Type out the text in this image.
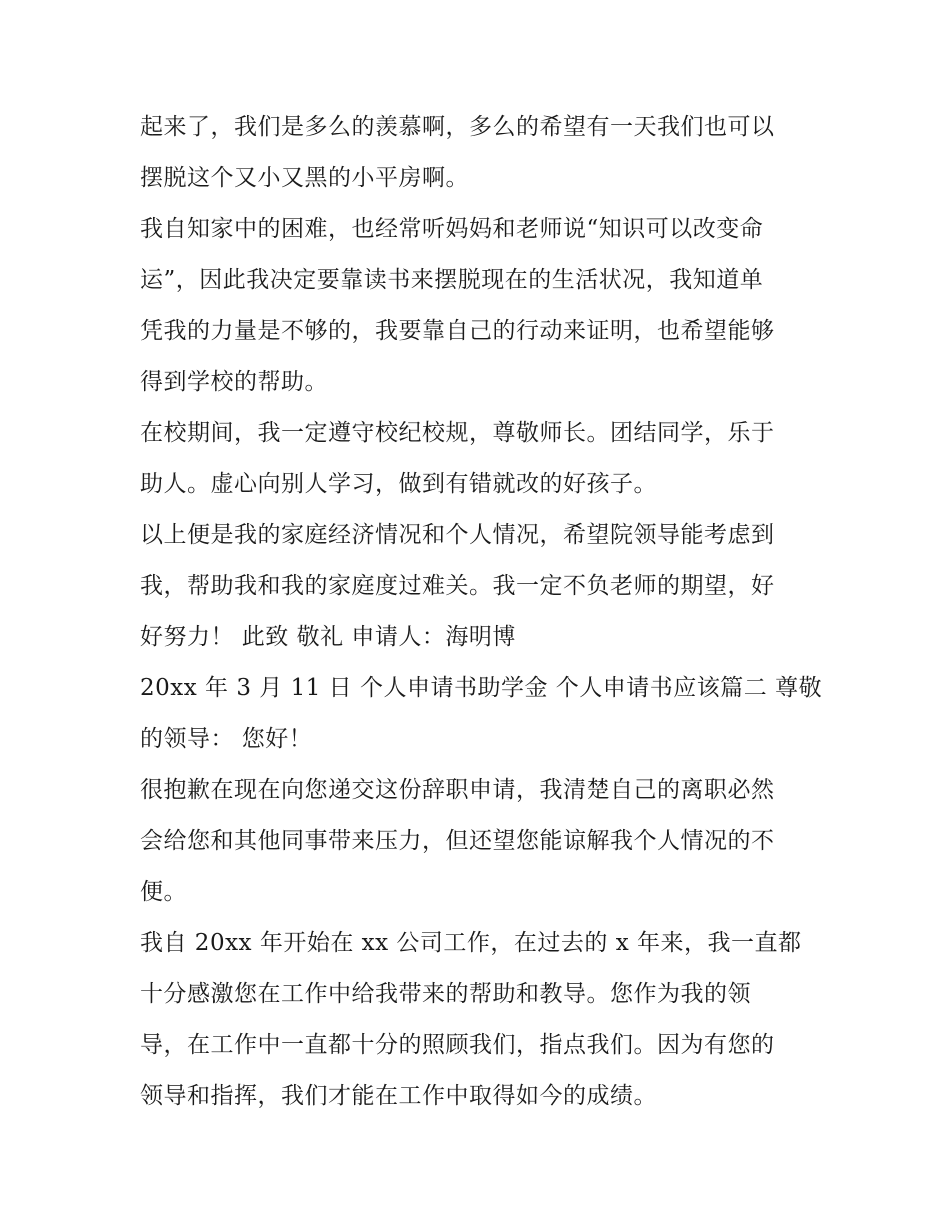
起来了，我们是多么的羡慕啊，多么的希望有一天我们也可以
摆脱这个又小又黑的小平房啊。
我自知家中的困难，也经常听妈妈和老师说“知识可以改变命
运”，因此我决定要靠读书来摆脱现在的生活状况，我知道单
凭我的力量是不够的，我要靠自己的行动来证明，也希望能够
得到学校的帮助。
在校期间，我一定遵守校纪校规，尊敬师长。团结同学，乐于
助人。虚心向别人学习，做到有错就改的好孩子。
以上便是我的家庭经济情况和个人情况，希望院领导能考虑到
我，帮助我和我的家庭度过难关。我一定不负老师的期望，好
好努力！ 此致 敬礼 申请人：海明博
20xx 年 3 月 11 日 个人申请书助学金 个人申请书应该篇二 尊敬
的领导： 您好！
很抱歉在现在向您递交这份辞职申请，我清楚自己的离职必然
会给您和其他同事带来压力，但还望您能谅解我个人情况的不
便。
我自 20xx 年开始在 xx 公司工作，在过去的 x 年来，我一直都
十分感激您在工作中给我带来的帮助和教导。您作为我的领
导，在工作中一直都十分的照顾我们，指点我们。因为有您的
领导和指挥，我们才能在工作中取得如今的成绩。
